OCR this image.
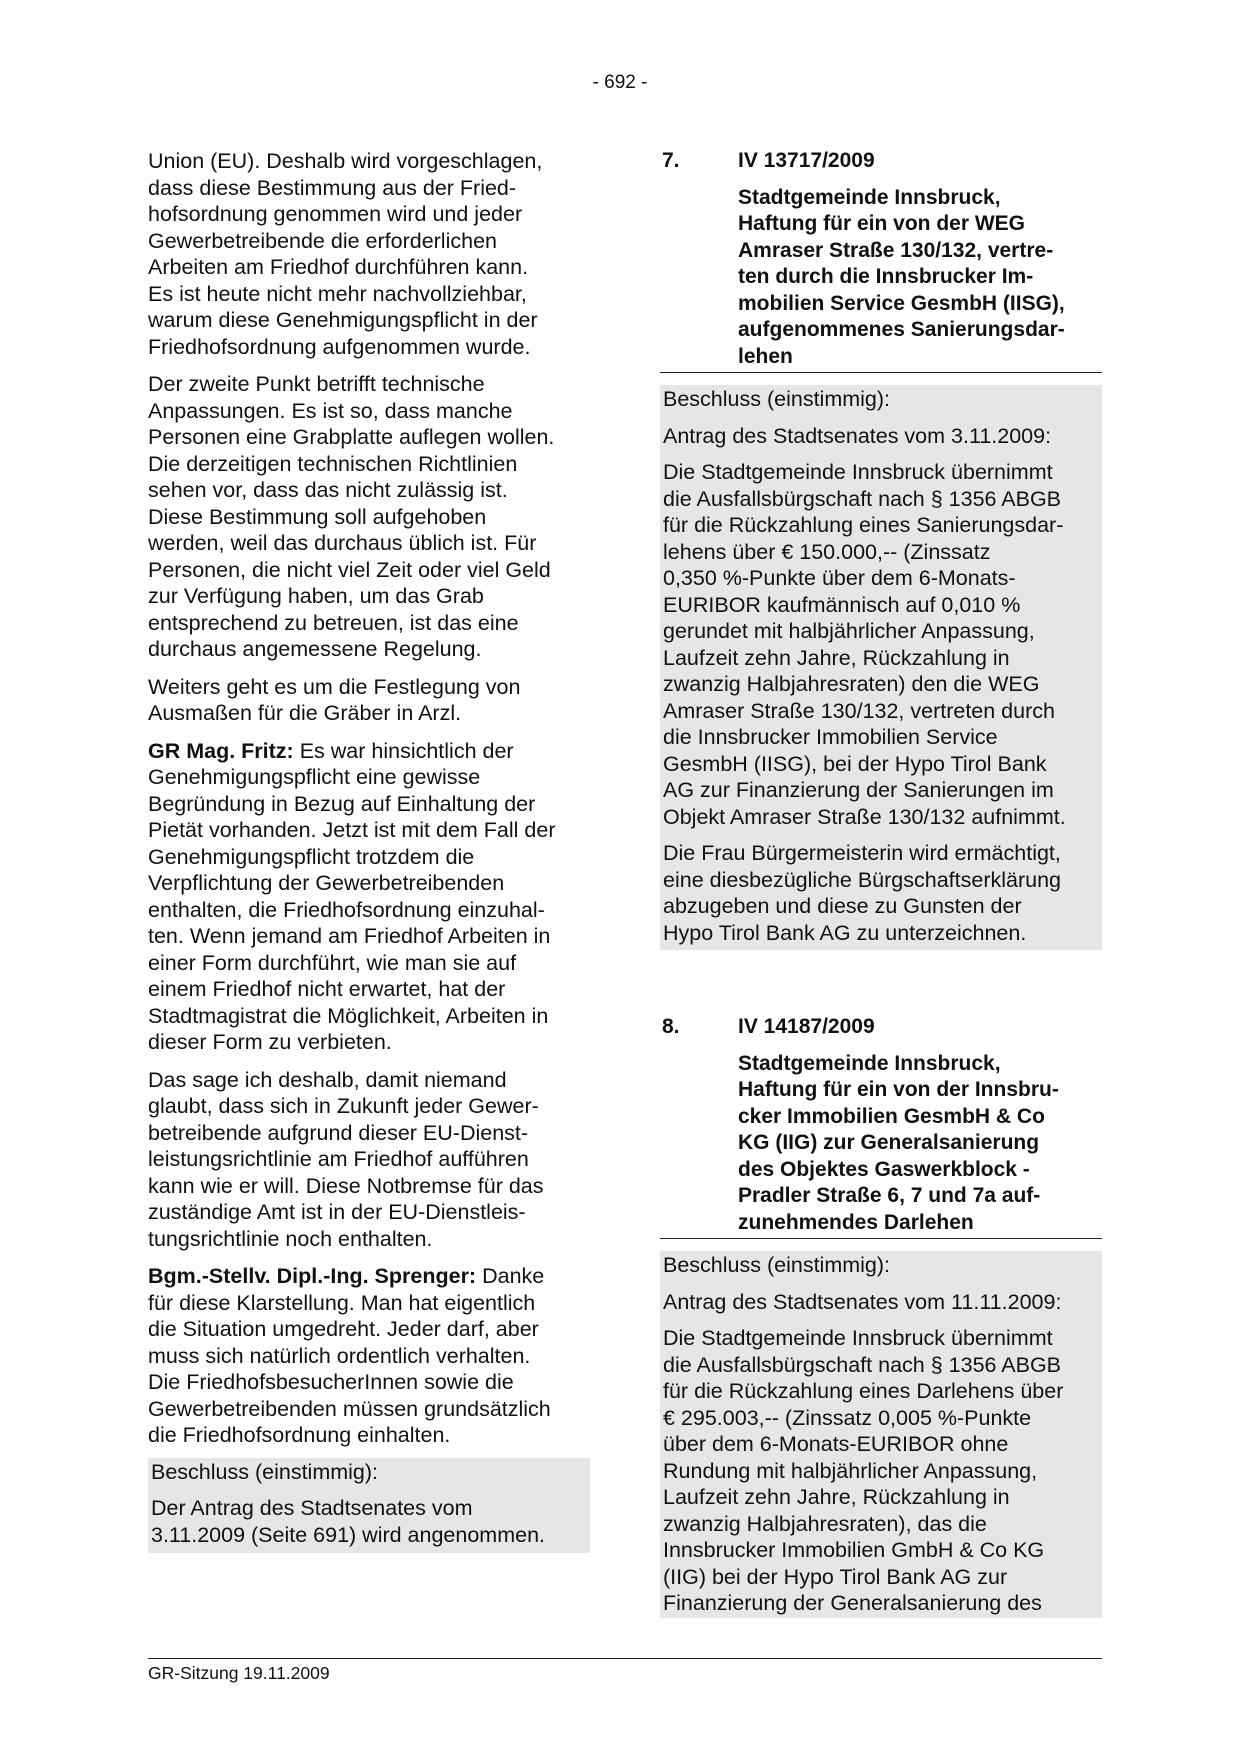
- 692 -

Union (EU). Deshalb wird vorgeschlagen,
dass diese Bestimmung aus der Fried-
hofsordnung genommen wird und jeder
Gewerbetreibende die erforderlichen
Arbeiten am Friedhof durchführen kann.
Es ist heute nicht mehr nachvollziehbar,
warum diese Genehmigungspflicht in der
Friedhofsordnung aufgenommen wurde.

Der zweite Punkt betrifft technische
Anpassungen. Es ist so, dass manche
Personen eine Grabplatte auflegen wollen.
Die derzeitigen technischen Richtlinien
sehen vor, dass das nicht zulässig ist.
Diese Bestimmung soll aufgehoben
werden, weil das durchaus üblich ist. Für
Personen, die nicht viel Zeit oder viel Geld
zur Verfügung haben, um das Grab
entsprechend zu betreuen, ist das eine
durchaus angemessene Regelung.

Weiters geht es um die Festlegung von
Ausmaßen für die Gräber in Arzl.

GR Mag. Fritz: Es war hinsichtlich der
Genehmigungspflicht eine gewisse
Begründung in Bezug auf Einhaltung der
Pietät vorhanden. Jetzt ist mit dem Fall der
Genehmigungspflicht trotzdem die
Verpflichtung der Gewerbetreibenden
enthalten, die Friedhofsordnung einzuhal-
ten. Wenn jemand am Friedhof Arbeiten in
einer Form durchführt, wie man sie auf
einem Friedhof nicht erwartet, hat der
Stadtmagistrat die Möglichkeit, Arbeiten in
dieser Form zu verbieten.

Das sage ich deshalb, damit niemand
glaubt, dass sich in Zukunft jeder Gewer-
betreibende aufgrund dieser EU-Dienst-
leistungsrichtlinie am Friedhof aufführen
kann wie er will. Diese Notbremse für das
zuständige Amt ist in der EU-Dienstleis-
tungsrichtlinie noch enthalten.

Bgm.-Stellv. Dipl.-Ing. Sprenger: Danke
für diese Klarstellung. Man hat eigentlich
die Situation umgedreht. Jeder darf, aber
muss sich natürlich ordentlich verhalten.
Die FriedhofsbesucherInnen sowie die
Gewerbetreibenden müssen grundsätzlich
die Friedhofsordnung einhalten.

Beschluss (einstimmig):

Der Antrag des Stadtsenates vom
3.11.2009 (Seite 691) wird angenommen.

7.	IV 13717/2009
Stadtgemeinde Innsbruck,
Haftung für ein von der WEG
Amraser Straße 130/132, vertre-
ten durch die Innsbrucker Im-
mobilien Service GesmbH (IISG),
aufgenommenes Sanierungsdar-
lehen

Beschluss (einstimmig):

Antrag des Stadtsenates vom 3.11.2009:

Die Stadtgemeinde Innsbruck übernimmt
die Ausfallsbürgschaft nach § 1356 ABGB
für die Rückzahlung eines Sanierungsdar-
lehens über € 150.000,-- (Zinssatz
0,350 %-Punkte über dem 6-Monats-
EURIBOR kaufmännisch auf 0,010 %
gerundet mit halbjährlicher Anpassung,
Laufzeit zehn Jahre, Rückzahlung in
zwanzig Halbjahresraten) den die WEG
Amraser Straße 130/132, vertreten durch
die Innsbrucker Immobilien Service
GesmbH (IISG), bei der Hypo Tirol Bank
AG zur Finanzierung der Sanierungen im
Objekt Amraser Straße 130/132 aufnimmt.

Die Frau Bürgermeisterin wird ermächtigt,
eine diesbezügliche Bürgschaftserklärung
abzugeben und diese zu Gunsten der
Hypo Tirol Bank AG zu unterzeichnen.

8.	IV 14187/2009
Stadtgemeinde Innsbruck,
Haftung für ein von der Innsbru-
cker Immobilien GesmbH & Co
KG (IIG) zur Generalsanierung
des Objektes Gaswerkblock -
Pradler Straße 6, 7 und 7a auf-
zunehmendes Darlehen

Beschluss (einstimmig):

Antrag des Stadtsenates vom 11.11.2009:

Die Stadtgemeinde Innsbruck übernimmt
die Ausfallsbürgschaft nach § 1356 ABGB
für die Rückzahlung eines Darlehens über
€ 295.003,-- (Zinssatz 0,005 %-Punkte
über dem 6-Monats-EURIBOR ohne
Rundung mit halbjährlicher Anpassung,
Laufzeit zehn Jahre, Rückzahlung in
zwanzig Halbjahresraten), das die
Innsbrucker Immobilien GmbH & Co KG
(IIG) bei der Hypo Tirol Bank AG zur
Finanzierung der Generalsanierung des

GR-Sitzung 19.11.2009
